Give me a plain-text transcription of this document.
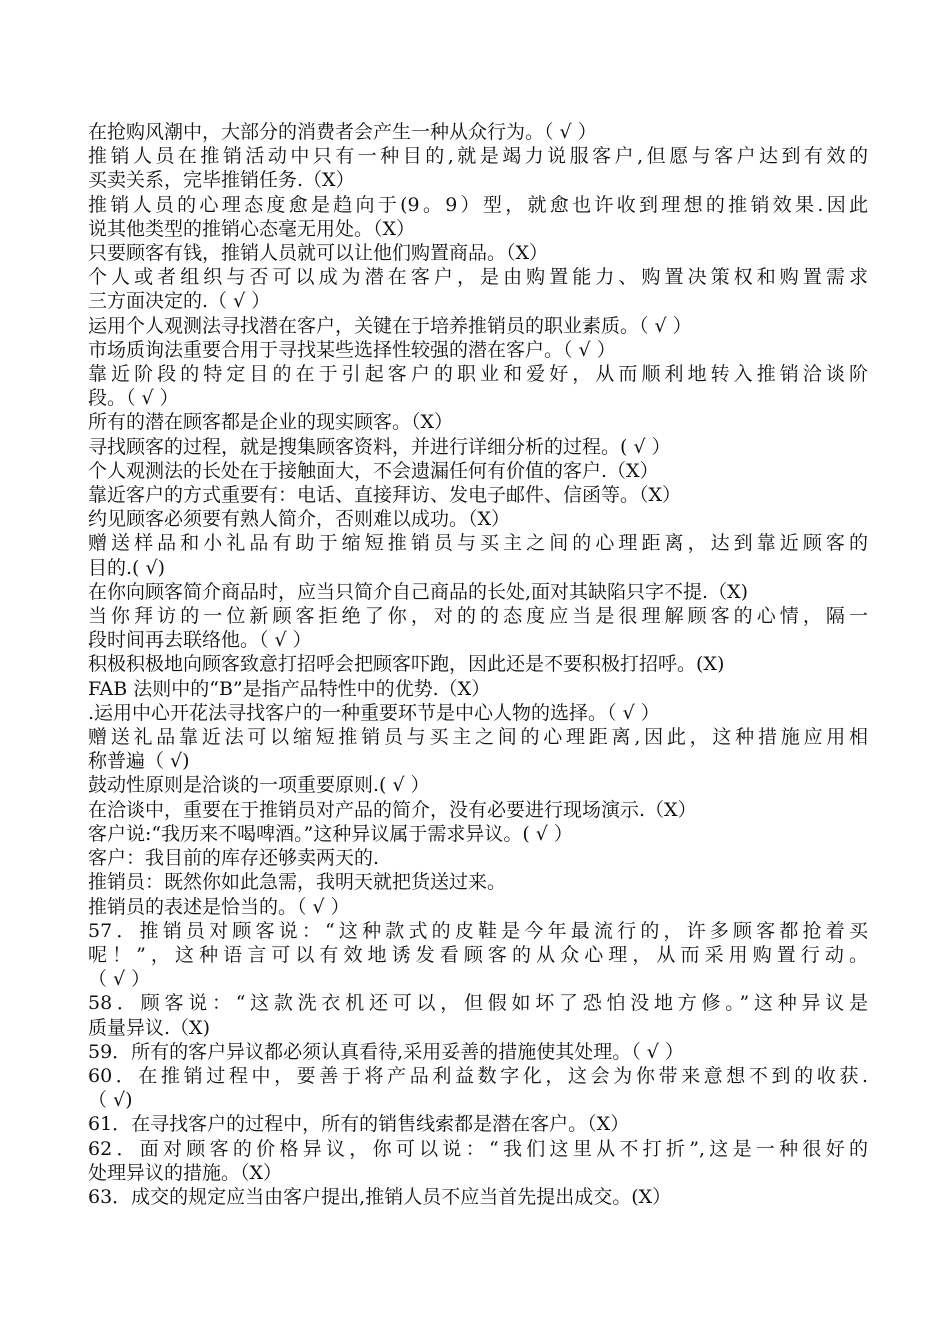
在抢购风潮中，大部分的消费者会产生一种从众行为。（ √ ）
推销人员在推销活动中只有一种目的,就是竭力说服客户,但愿与客户达到有效的
买卖关系，完毕推销任务.（X）
推销人员的心理态度愈是趋向于(9。9）型，就愈也许收到理想的推销效果.因此
说其他类型的推销心态毫无用处。（X）
只要顾客有钱，推销人员就可以让他们购置商品。（X）
个人或者组织与否可以成为潜在客户，是由购置能力、购置决策权和购置需求
三方面决定的.（ √ ）
运用个人观测法寻找潜在客户，关键在于培养推销员的职业素质。（ √ ）
市场质询法重要合用于寻找某些选择性较强的潜在客户。（ √ ）
靠近阶段的特定目的在于引起客户的职业和爱好，从而顺利地转入推销洽谈阶
段。（ √ ）
所有的潜在顾客都是企业的现实顾客。（X）
寻找顾客的过程，就是搜集顾客资料，并进行详细分析的过程。( √ ）
个人观测法的长处在于接触面大，不会遗漏任何有价值的客户.（X）
靠近客户的方式重要有：电话、直接拜访、发电子邮件、信函等。（X）
约见顾客必须要有熟人简介，否则难以成功。（X）
赠送样品和小礼品有助于缩短推销员与买主之间的心理距离，达到靠近顾客的
目的.( √)
在你向顾客简介商品时，应当只简介自己商品的长处,面对其缺陷只字不提.（X)
当你拜访的一位新顾客拒绝了你，对的的态度应当是很理解顾客的心情，隔一
段时间再去联络他。（ √ ）
积极积极地向顾客致意打招呼会把顾客吓跑，因此还是不要积极打招呼。(X)
FAB 法则中的“B”是指产品特性中的优势.（X）
.运用中心开花法寻找客户的一种重要环节是中心人物的选择。（ √ ）
赠送礼品靠近法可以缩短推销员与买主之间的心理距离,因此，这种措施应用相
称普遍（ √)
鼓动性原则是洽谈的一项重要原则.( √ ）
在洽谈中，重要在于推销员对产品的简介，没有必要进行现场演示.（X）
客户说:“我历来不喝啤酒。”这种异议属于需求异议。( √ ）
客户：我目前的库存还够卖两天的.
推销员：既然你如此急需，我明天就把货送过来。
推销员的表述是恰当的。（ √ ）
57．推销员对顾客说：“这种款式的皮鞋是今年最流行的，许多顾客都抢着买
呢！”，这种语言可以有效地诱发看顾客的从众心理，从而采用购置行动。
（ √ ）
58．顾客说：“这款洗衣机还可以，但假如坏了恐怕没地方修。”这种异议是
质量异议.（X)
59．所有的客户异议都必须认真看待,采用妥善的措施使其处理。（ √ ）
60．在推销过程中，要善于将产品利益数字化，这会为你带来意想不到的收获.
（ √)
61．在寻找客户的过程中，所有的销售线索都是潜在客户。（X）
62．面对顾客的价格异议，你可以说：“我们这里从不打折”,这是一种很好的
处理异议的措施。（X）
63．成交的规定应当由客户提出,推销人员不应当首先提出成交。(X）
